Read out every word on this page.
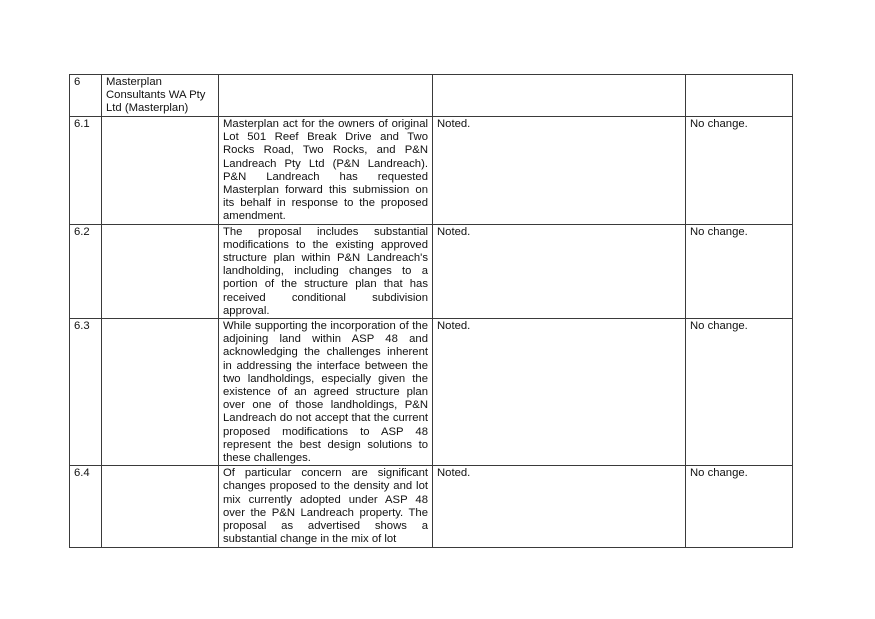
6	Masterplan Consultants WA Pty Ltd (Masterplan)			
6.1		Masterplan act for the owners of original Lot 501 Reef Break Drive and Two Rocks Road, Two Rocks, and P&N Landreach Pty Ltd (P&N Landreach). P&N Landreach has requested Masterplan forward this submission on its behalf in response to the proposed amendment.	Noted.	No change.
6.2		The proposal includes substantial modifications to the existing approved structure plan within P&N Landreach's landholding, including changes to a portion of the structure plan that has received conditional subdivision approval.	Noted.	No change.
6.3		While supporting the incorporation of the adjoining land within ASP 48 and acknowledging the challenges inherent in addressing the interface between the two landholdings, especially given the existence of an agreed structure plan over one of those landholdings, P&N Landreach do not accept that the current proposed modifications to ASP 48 represent the best design solutions to these challenges.	Noted.	No change.
6.4		Of particular concern are significant changes proposed to the density and lot mix currently adopted under ASP 48 over the P&N Landreach property. The proposal as advertised shows a substantial change in the mix of lot	Noted.	No change.
